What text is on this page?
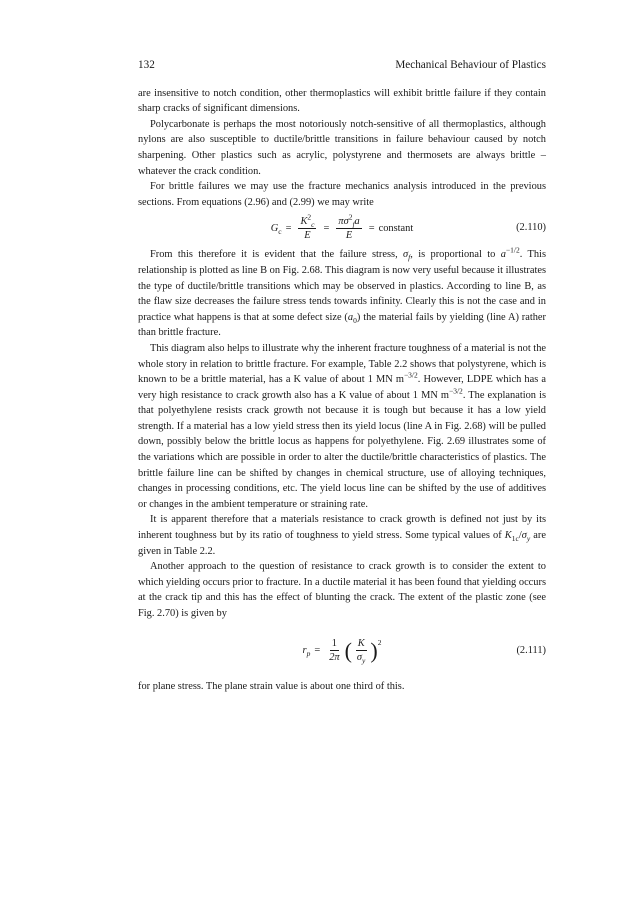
132	Mechanical Behaviour of Plastics

are insensitive to notch condition, other thermoplastics will exhibit brittle failure if they contain sharp cracks of significant dimensions.

Polycarbonate is perhaps the most notoriously notch-sensitive of all thermoplastics, although nylons are also susceptible to ductile/brittle transitions in failure behaviour caused by notch sharpening. Other plastics such as acrylic, polystyrene and thermosets are always brittle – whatever the crack condition.

For brittle failures we may use the fracture mechanics analysis introduced in the previous sections. From equations (2.96) and (2.99) we may write

$G_c = \frac{K^2_c}{E} = \frac{\pi\sigma^2_fa}{E}$ = constant	(2.110)

From this therefore it is evident that the failure stress, $\sigma_f$, is proportional to $a^{-1/2}$. This relationship is plotted as line B on Fig. 2.68. This diagram is now very useful because it illustrates the type of ductile/brittle transitions which may be observed in plastics. According to line B, as the flaw size decreases the failure stress tends towards infinity. Clearly this is not the case and in practice what happens is that at some defect size $(a_0)$ the material fails by yielding (line A) rather than brittle fracture.

This diagram also helps to illustrate why the inherent fracture toughness of a material is not the whole story in relation to brittle fracture. For example, Table 2.2 shows that polystyrene, which is known to be a brittle material, has a K value of about 1 MN $m^{-3/2}$. However, LDPE which has a very high resistance to crack growth also has a K value of about 1 MN $m^{-3/2}$. The explanation is that polyethylene resists crack growth not because it is tough but because it has a low yield strength. If a material has a low yield stress then its yield locus (line A in Fig. 2.68) will be pulled down, possibly below the brittle locus as happens for polyethylene. Fig. 2.69 illustrates some of the variations which are possible in order to alter the ductile/brittle characteristics of plastics. The brittle failure line can be shifted by changes in chemical structure, use of alloying techniques, changes in processing conditions, etc. The yield locus line can be shifted by the use of additives or changes in the ambient temperature or straining rate.

It is apparent therefore that a materials resistance to crack growth is defined not just by its inherent toughness but by its ratio of toughness to yield stress. Some typical values of $K_{1c}/\sigma_y$ are given in Table 2.2.

Another approach to the question of resistance to crack growth is to consider the extent to which yielding occurs prior to fracture. In a ductile material it has been found that yielding occurs at the crack tip and this has the effect of blunting the crack. The extent of the plastic zone (see Fig. 2.70) is given by

$r_p = \frac{1}{2\pi}$ ( $\frac{K}{\sigma_y} )^2$
(2.111)

for plane stress. The plane strain value is about one third of this.
